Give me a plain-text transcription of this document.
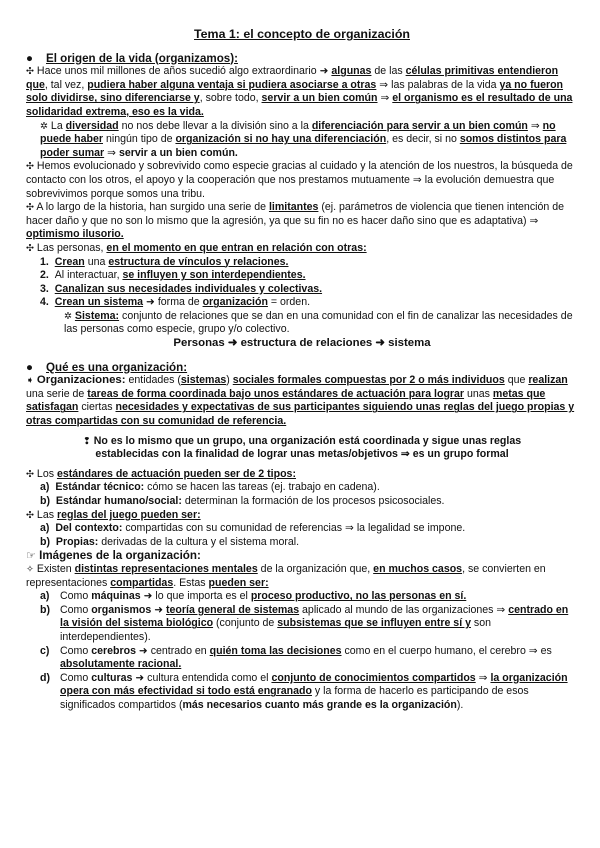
Tema 1: el concepto de organización
● El origen de la vida (organizamos):

✣ Hace unos mil millones de años sucedió algo extraordinario ➜ algunas de las células primitivas entendieron que, tal vez, pudiera haber alguna ventaja si pudiera asociarse a otras ⇒ las palabras de la vida ya no fueron solo dividirse, sino diferenciarse y, sobre todo, servir a un bien común ⇒ el organismo es el resultado de una solidaridad extrema, eso es la vida.

✲ La diversidad no nos debe llevar a la división sino a la diferenciación para servir a un bien común ⇒ no puede haber ningún tipo de organización si no hay una diferenciación, es decir, si no somos distintos para poder sumar ⇒ servir a un bien común.

✣ Hemos evolucionado y sobrevivido como especie gracias al cuidado y la atención de los nuestros, la búsqueda de contacto con los otros, el apoyo y la cooperación que nos prestamos mutuamente ⇒ la evolución demuestra que sobrevivimos porque somos una tribu.

✣ A lo largo de la historia, han surgido una serie de limitantes (ej. parámetros de violencia que tienen intención de hacer daño y que no son lo mismo que la agresión, ya que su fin no es hacer daño sino que es adaptativa) ⇒ optimismo ilusorio.

✣ Las personas, en el momento en que entran en relación con otras:

1. Crean una estructura de vínculos y relaciones.

2. Al interactuar, se influyen y son interdependientes.

3. Canalizan sus necesidades individuales y colectivas.

4. Crean un sistema ➜ forma de organización = orden.

✲ Sistema: conjunto de relaciones que se dan en una comunidad con el fin de canalizar las necesidades de las personas como especie, grupo y/o colectivo.

Personas ➜ estructura de relaciones ➜ sistema

● Qué es una organización:

➧ Organizaciones: entidades (sistemas) sociales formales compuestas por 2 o más individuos que realizan una serie de tareas de forma coordinada bajo unos estándares de actuación para lograr unas metas que satisfagan ciertas necesidades y expectativas de sus participantes siguiendo unas reglas del juego propias y otras compartidas con su comunidad de referencia.

❢ No es lo mismo que un grupo, una organización está coordinada y sigue unas reglas establecidas con la finalidad de lograr unas metas/objetivos ⇒ es un grupo formal

✣ Los estándares de actuación pueden ser de 2 tipos:

a) Estándar técnico: cómo se hacen las tareas (ej. trabajo en cadena).

b) Estándar humano/social: determinan la formación de los procesos psicosociales.

✣ Las reglas del juego pueden ser:

a) Del contexto: compartidas con su comunidad de referencias ⇒ la legalidad se impone.

b) Propias: derivadas de la cultura y el sistema moral.

☞ Imágenes de la organización:

✧ Existen distintas representaciones mentales de la organización que, en muchos casos, se convierten en representaciones compartidas. Estas pueden ser:

a) Como máquinas ➜ lo que importa es el proceso productivo, no las personas en sí.

b) Como organismos ➜ teoría general de sistemas aplicado al mundo de las organizaciones ⇒ centrado en la visión del sistema biológico (conjunto de subsistemas que se influyen entre sí y son interdependientes).

c) Como cerebros ➜ centrado en quién toma las decisiones como en el cuerpo humano, el cerebro ⇒ es absolutamente racional.

d) Como culturas ➜ cultura entendida como el conjunto de conocimientos compartidos ⇒ la organización opera con más efectividad si todo está engranado y la forma de hacerlo es participando de esos significados compartidos (más necesarios cuanto más grande es la organización).
